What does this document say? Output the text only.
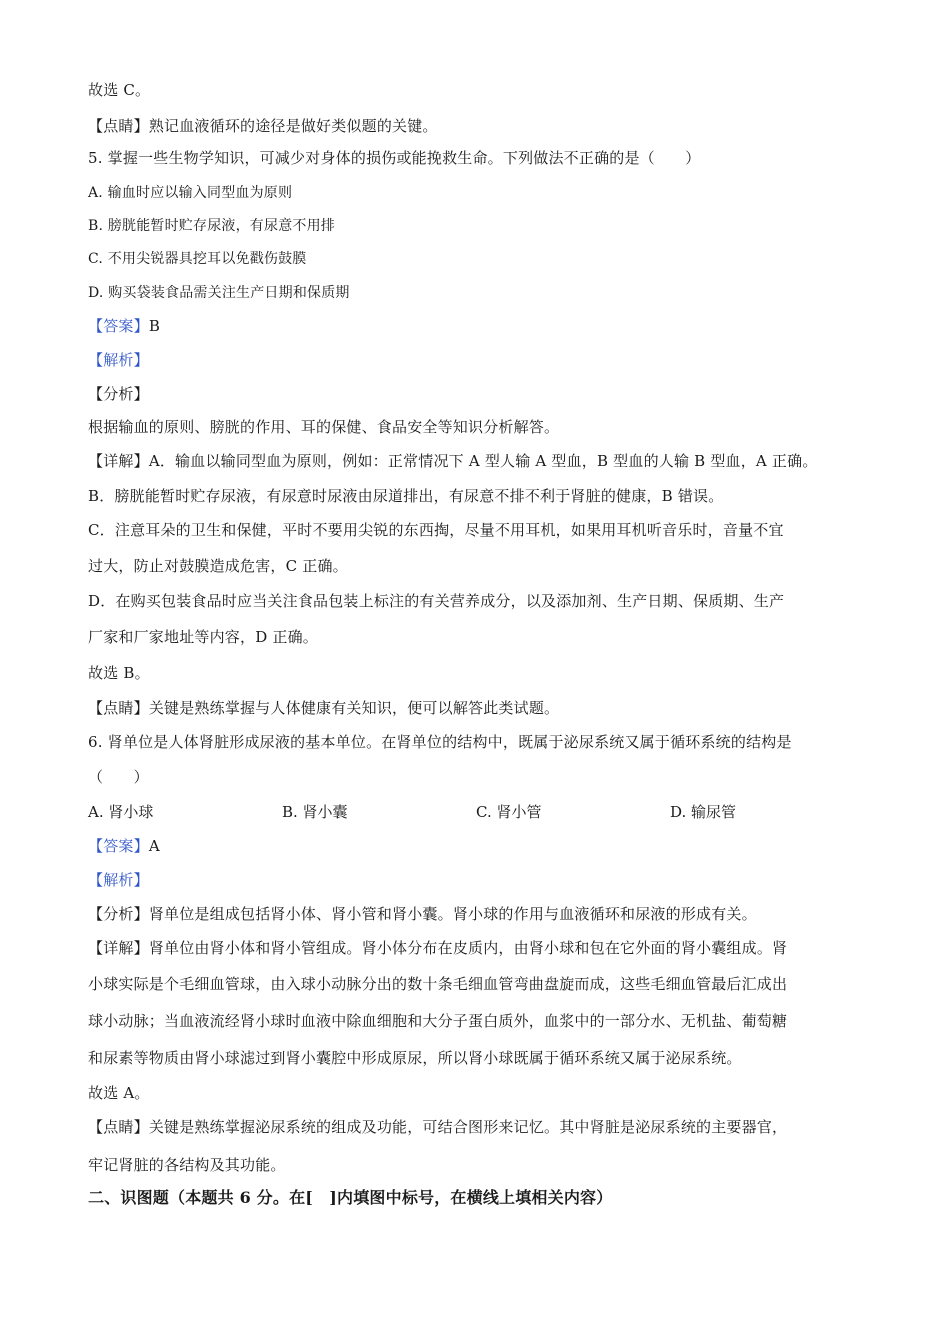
故选 C。
【点睛】熟记血液循环的途径是做好类似题的关键。
5. 掌握一些生物学知识，可减少对身体的损伤或能挽救生命。下列做法不正确的是（　　）
A. 输血时应以输入同型血为原则
B. 膀胱能暂时贮存尿液，有尿意不用排
C. 不用尖锐器具挖耳以免戳伤鼓膜
D. 购买袋装食品需关注生产日期和保质期
【答案】B
【解析】
【分析】
根据输血的原则、膀胱的作用、耳的保健、食品安全等知识分析解答。
【详解】A．输血以输同型血为原则，例如：正常情况下 A 型人输 A 型血，B 型血的人输 B 型血，A 正确。
B．膀胱能暂时贮存尿液，有尿意时尿液由尿道排出，有尿意不排不利于肾脏的健康，B 错误。
C．注意耳朵的卫生和保健，平时不要用尖锐的东西掏，尽量不用耳机，如果用耳机听音乐时，音量不宜
过大，防止对鼓膜造成危害，C 正确。
D．在购买包装食品时应当关注食品包装上标注的有关营养成分，以及添加剂、生产日期、保质期、生产
厂家和厂家地址等内容，D 正确。
故选 B。
【点睛】关键是熟练掌握与人体健康有关知识，便可以解答此类试题。
6. 肾单位是人体肾脏形成尿液的基本单位。在肾单位的结构中，既属于泌尿系统又属于循环系统的结构是
（　　）
A. 肾小球	B. 肾小囊	C. 肾小管	D. 输尿管
【答案】A
【解析】
【分析】肾单位是组成包括肾小体、肾小管和肾小囊。肾小球的作用与血液循环和尿液的形成有关。
【详解】肾单位由肾小体和肾小管组成。肾小体分布在皮质内，由肾小球和包在它外面的肾小囊组成。肾
小球实际是个毛细血管球，由入球小动脉分出的数十条毛细血管弯曲盘旋而成，这些毛细血管最后汇成出
球小动脉；当血液流经肾小球时血液中除血细胞和大分子蛋白质外，血浆中的一部分水、无机盐、葡萄糖
和尿素等物质由肾小球滤过到肾小囊腔中形成原尿，所以肾小球既属于循环系统又属于泌尿系统。
故选 A。
【点睛】关键是熟练掌握泌尿系统的组成及功能，可结合图形来记忆。其中肾脏是泌尿系统的主要器官，
牢记肾脏的各结构及其功能。
二、识图题（本题共 6 分。在[　]内填图中标号，在横线上填相关内容）
